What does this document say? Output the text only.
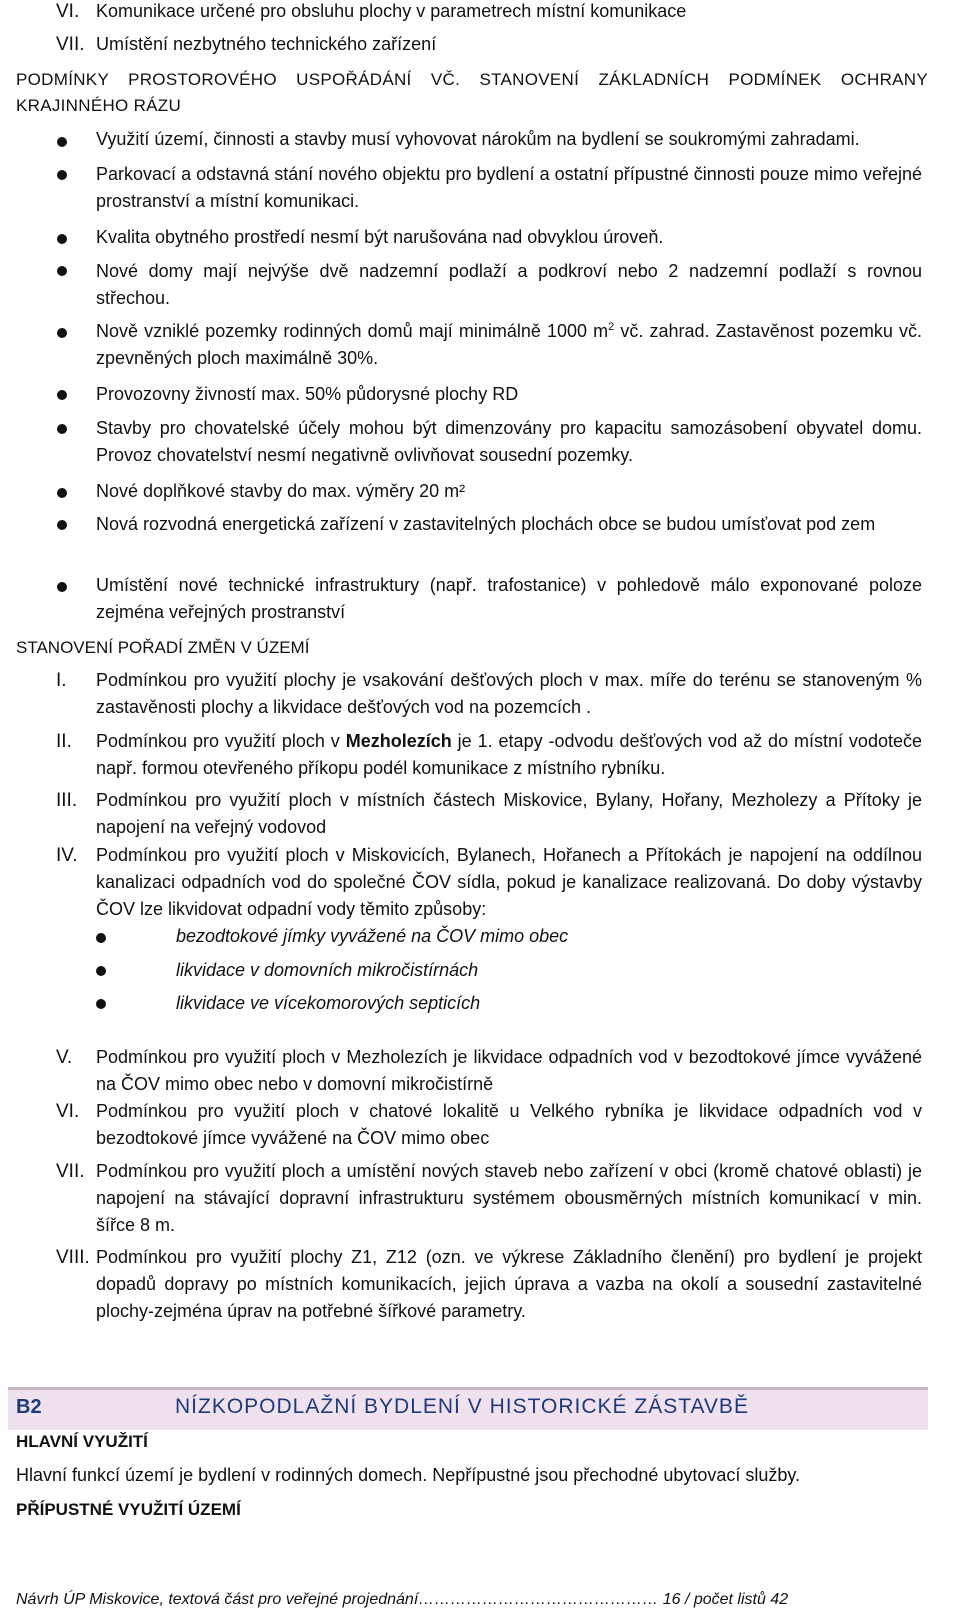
VI. Komunikace určené pro obsluhu plochy v parametrech místní komunikace
VII. Umístění nezbytného technického zařízení
PODMÍNKY PROSTOROVÉHO USPOŘÁDÁNÍ VČ. STANOVENÍ ZÁKLADNÍCH PODMÍNEK OCHRANY
KRAJINNÉHO RÁZU
Využití území, činnosti a stavby musí vyhovovat nárokům na bydlení se soukromými zahradami.
Parkovací a odstavná stání nového objektu pro bydlení a ostatní přípustné činnosti pouze mimo veřejné prostranství a místní komunikaci.
Kvalita obytného prostředí nesmí být narušována nad obvyklou úroveň.
Nové domy mají nejvýše dvě nadzemní podlaží a podkroví nebo 2 nadzemní podlaží s rovnou střechou.
Nově vzniklé pozemky rodinných domů mají minimálně 1000 $m^2$ vč. zahrad. Zastavěnost pozemku vč. zpevněných ploch maximálně 30%.
Provozovny živností max. 50% půdorysné plochy RD
Stavby pro chovatelské účely mohou být dimenzovány pro kapacitu samozásobení obyvatel domu. Provoz chovatelství nesmí negativně ovlivňovat sousední pozemky.
Nové doplňkové stavby do max. výměry 20 m²
Nová rozvodná energetická zařízení v zastavitelných plochách obce se budou umísťovat pod zem
Umístění nové technické infrastruktury (např. trafostanice) v pohledově málo exponované poloze zejména veřejných prostranství
STANOVENÍ POŘADÍ ZMĚN V ÚZEMÍ
I. Podmínkou pro využití plochy je vsakování dešťových ploch v max. míře do terénu se stanoveným % zastavěnosti plochy a likvidace dešťových vod na pozemcích .
II. Podmínkou pro využití ploch v Mezholezích je 1. etapy -odvodu dešťových vod až do místní vodoteče např. formou otevřeného příkopu podél komunikace z místního rybníku.
III. Podmínkou pro využití ploch v místních částech Miskovice, Bylany, Hořany, Mezholezy a Přítoky je napojení na veřejný vodovod
IV. Podmínkou pro využití ploch v Miskovicích, Bylanech, Hořanech a Přítokách je napojení na oddílnou kanalizaci odpadních vod do společné ČOV sídla, pokud je kanalizace realizovaná. Do doby výstavby ČOV lze likvidovat odpadní vody těmito způsoby:
bezodtokové jímky vyvážené na ČOV mimo obec
likvidace v domovních mikročistírnách
likvidace ve vícekomorových septicích
V. Podmínkou pro využití ploch v Mezholezích je likvidace odpadních vod v bezodtokové jímce vyvážené na ČOV mimo obec nebo v domovní mikročistírně
VI. Podmínkou pro využití ploch v chatové lokalitě u Velkého rybníka je likvidace odpadních vod v bezodtokové jímce vyvážené na ČOV mimo obec
VII. Podmínkou pro využití ploch a umístění nových staveb nebo zařízení v obci (kromě chatové oblasti) je napojení na stávající dopravní infrastrukturu systémem obousměrných místních komunikací v min. šířce 8 m.
VIII. Podmínkou pro využití plochy Z1, Z12 (ozn. ve výkrese Základního členění) pro bydlení je projekt dopadů dopravy po místních komunikacích, jejich úprava a vazba na okolí a sousední zastavitelné plochy-zejména úprav na potřebné šířkové parametry.
B2	NÍZKOPODLAŽNÍ BYDLENÍ V HISTORICKÉ ZÁSTAVBĚ
HLAVNÍ VYUŽITÍ
Hlavní funkcí území je bydlení v rodinných domech. Nepřípustné jsou přechodné ubytovací služby.
PŘÍPUSTNÉ VYUŽITÍ ÚZEMÍ
Návrh ÚP Miskovice, textová část pro veřejné projednání……………………………………… 16 / počet listů 42
